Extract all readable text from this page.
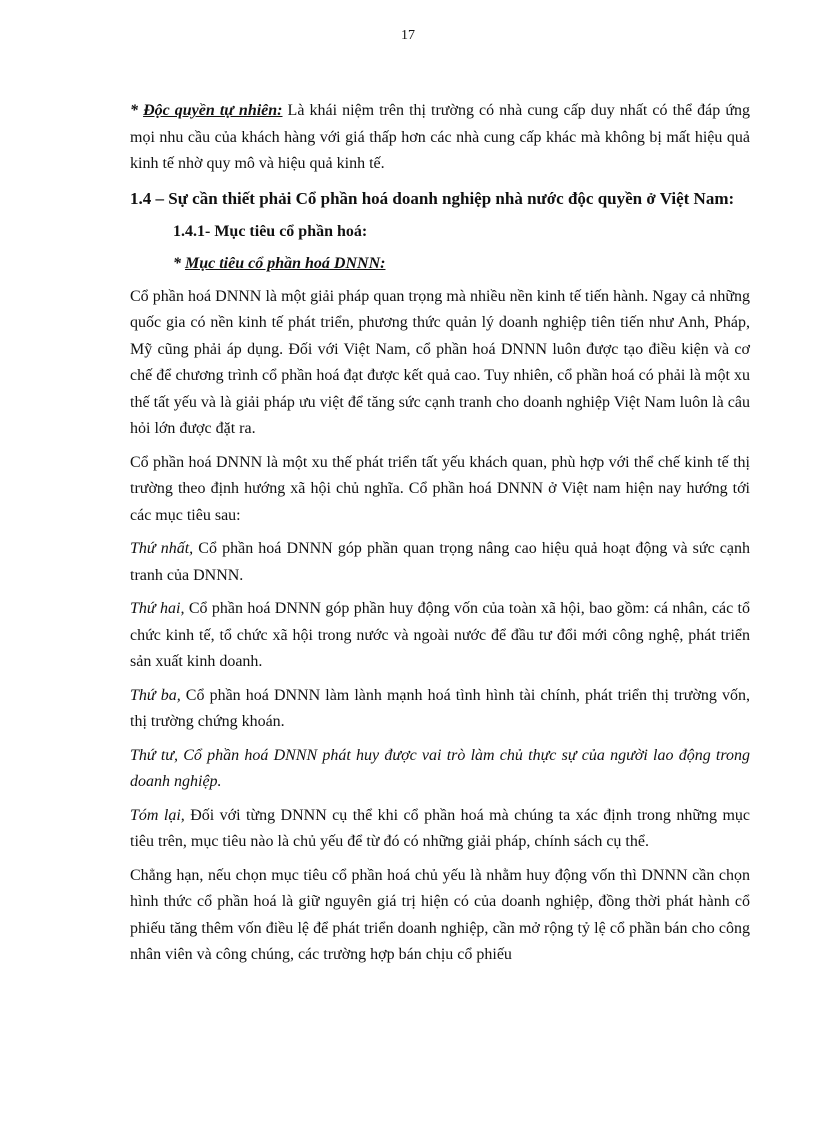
17

* Độc quyền tự nhiên: Là khái niệm trên thị trường có nhà cung cấp duy nhất có thể đáp ứng mọi nhu cầu của khách hàng với giá thấp hơn các nhà cung cấp khác mà không bị mất hiệu quả kinh tế nhờ quy mô và hiệu quả kinh tế.

1.4 – Sự cần thiết phải Cổ phần hoá doanh nghiệp nhà nước độc quyền ở Việt Nam:

1.4.1- Mục tiêu cổ phần hoá:

* Mục tiêu cổ phần hoá DNNN:

Cổ phần hoá DNNN là một giải pháp quan trọng mà nhiều nền kinh tế tiến hành. Ngay cả những quốc gia có nền kinh tế phát triển, phương thức quản lý doanh nghiệp tiên tiến như Anh, Pháp, Mỹ cũng phải áp dụng. Đối với Việt Nam, cổ phần hoá DNNN luôn được tạo điều kiện và cơ chế để chương trình cổ phần hoá đạt được kết quả cao. Tuy nhiên, cổ phần hoá có phải là một xu thế tất yếu và là giải pháp ưu việt để tăng sức cạnh tranh cho doanh nghiệp Việt Nam luôn là câu hỏi lớn được đặt ra.

Cổ phần hoá DNNN là một xu thế phát triển tất yếu khách quan, phù hợp với thể chế kinh tế thị trường theo định hướng xã hội chủ nghĩa. Cổ phần hoá DNNN ở Việt nam hiện nay hướng tới các mục tiêu sau:

Thứ nhất, Cổ phần hoá DNNN góp phần quan trọng nâng cao hiệu quả hoạt động và sức cạnh tranh của DNNN.

Thứ hai, Cổ phần hoá DNNN góp phần huy động vốn của toàn xã hội, bao gồm: cá nhân, các tổ chức kinh tế, tổ chức xã hội trong nước và ngoài nước để đầu tư đổi mới công nghệ, phát triển sản xuất kinh doanh.

Thứ ba, Cổ phần hoá DNNN làm lành mạnh hoá tình hình tài chính, phát triển thị trường vốn, thị trường chứng khoán.

Thứ tư, Cổ phần hoá DNNN phát huy được vai trò làm chủ thực sự của người lao động trong doanh nghiệp.

Tóm lại, Đối với từng DNNN cụ thể khi cổ phần hoá mà chúng ta xác định trong những mục tiêu trên, mục tiêu nào là chủ yếu để từ đó có những giải pháp, chính sách cụ thể.

Chẳng hạn, nếu chọn mục tiêu cổ phần hoá chủ yếu là nhằm huy động vốn thì DNNN cần chọn hình thức cổ phần hoá là giữ nguyên giá trị hiện có của doanh nghiệp, đồng thời phát hành cổ phiếu tăng thêm vốn điều lệ để phát triển doanh nghiệp, cần mở rộng tỷ lệ cổ phần bán cho công nhân viên và công chúng, các trường hợp bán chịu cổ phiếu
